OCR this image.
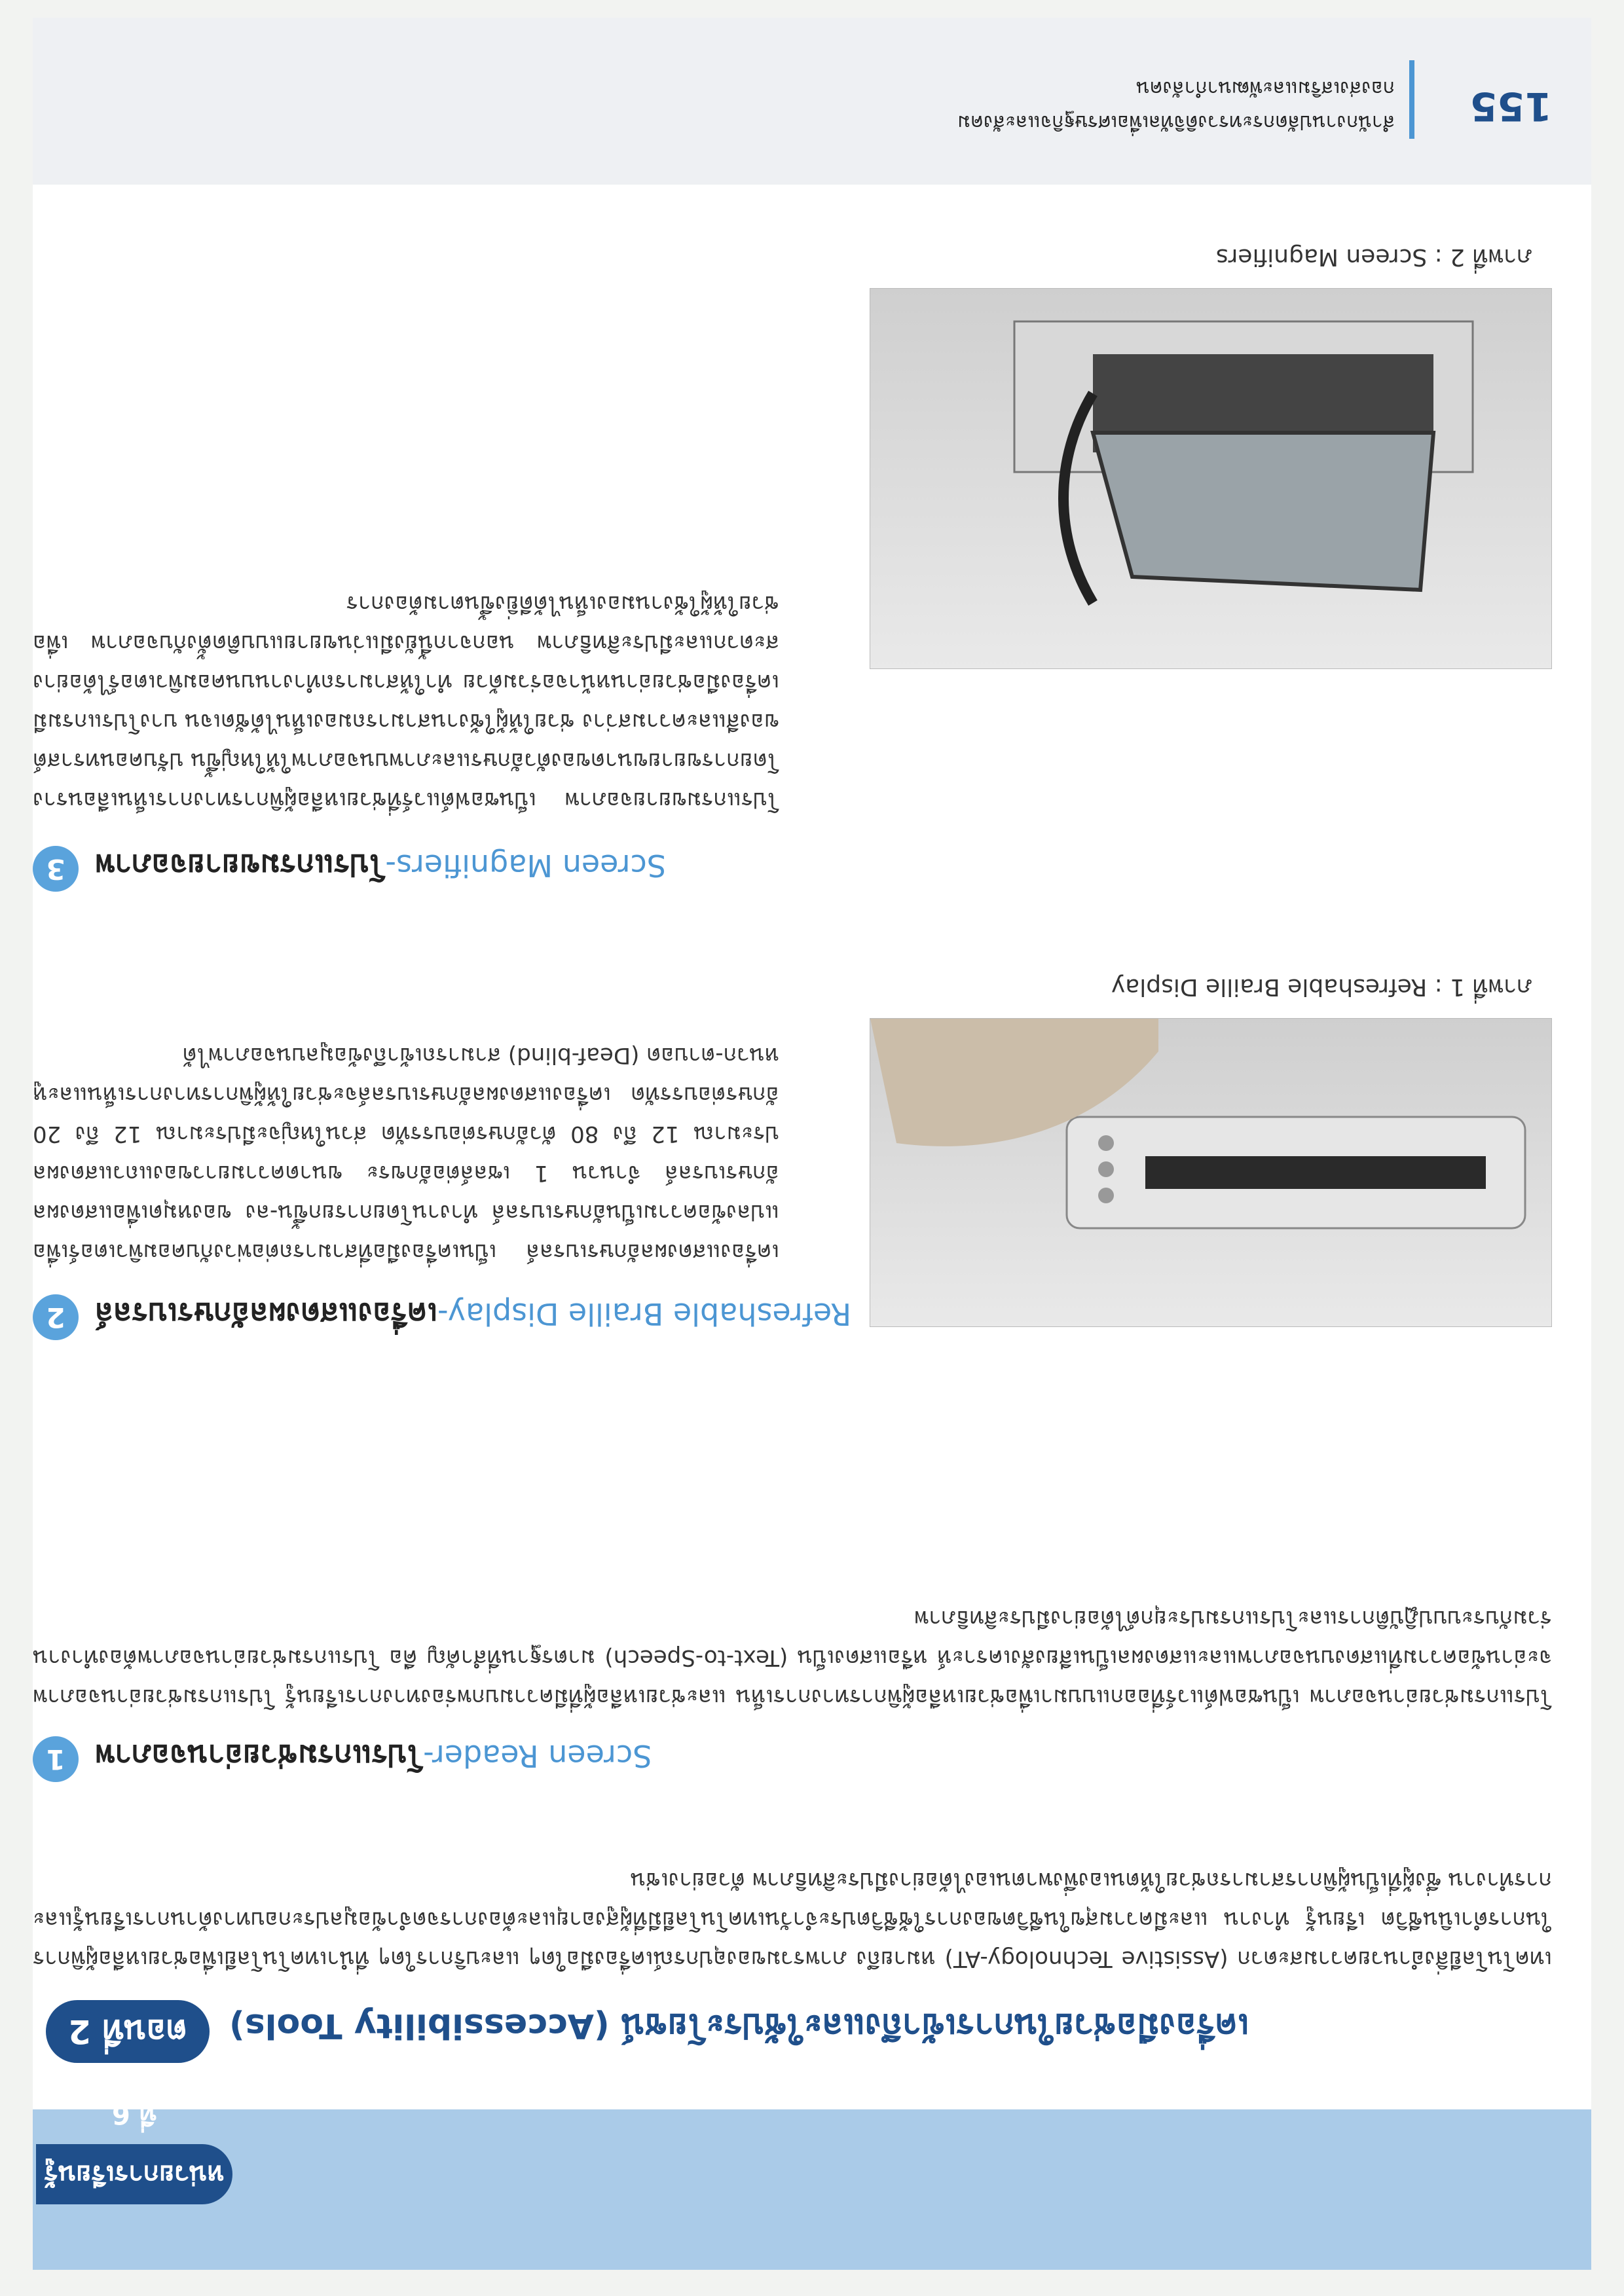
หน่วยการเรียนรู้ที่ 6
ตอนที่ 2	เครื่องมือช่วยในการเข้าถึงและใช้ประโยชน์ (Accessibility Tools)
เทคโนโลยีสิ่งอำนวยความสะดวก (Assistive Technology-AT) หมายถึง ภาพรวมของอุปกรณ์เครื่องมือใดๆ และบริการใดๆ ที่นำเทคโนโลยีเพื่อช่วยเหลือผู้พิการในการดำเนินชีวิต เรียนรู้ ทำงาน และมีความสุขในชีวิตของการใช้ชีวิตประจำวันเทคโนโลยีมีที่ผู้สูงอายุและต้องการจดจำข้อมูลประกอบทางด้านการเรียนรู้และการทำงาน ซึ่งผู้ที่เป็นผู้พิการสามารถช่วยให้ตนเองพึ่งพาตนเองได้อย่างมีประสิทธิภาพ ตัวอย่างเช่น
1	Screen Reader-โปรแกรมช่วยอ่านจอภาพ
โปรแกรมช่วยอ่านจอภาพ เป็นซอฟต์แวร์ที่ออกแบบมาเพื่อช่วยเหลือผู้พิการทางการเห็น และช่วยเหลือผู้ที่มีความบกพร่องทางการเรียนรู้ โปรแกรมช่วยอ่านจอภาพจะอ่านข้อความที่แสดงบนจอภาพและแสดงผลเป็นเสียงสังเคราะห์ หรือแสดงเป็น (Text-to-Speech) มาตรฐานที่สำคัญ คือ โปรแกรมช่วยอ่านจอภาพต้องทำงานร่วมกับระบบปฏิบัติการและโปรแกรมประยุกต์ได้อย่างมีประสิทธิภาพ
2	Refreshable Braille Display-เครื่องแสดงผลอักษรเบรลล์
เครื่องแสดงผลอักษรเบรลล์ เป็นเครื่องมือที่สามารถต่อพ่วงกับคอมพิวเตอร์เพื่อแปลงข้อความเป็นอักษรเบรลล์ ทำงานโดยการยกขึ้น-ลง ของหมุดเพื่อแสดงผลอักษรเบรลล์ จำนวน 1 เซลล์ต่ออักขระ ขนาดความยาวของแถวแสดงผลประมาณ 12 ถึง 80 ตัวอักษรต่อบรรทัด ส่วนใหญ่จะมีประมาณ 12 ถึง 20 อักษรต่อบรรทัด เครื่องแสดงผลอักษรเบรลล์จะช่วยให้ผู้พิการทางการเห็นและหูหนวก-ตาบอด (Deaf-blind) สามารถเข้าถึงข้อมูลบนจอภาพได้
ภาพที่ 1 : Refreshable Braille Display
3	Screen Magnifiers-โปรแกรมขยายจอภาพ
โปรแกรมขยายจอภาพ เป็นซอฟต์แวร์ที่ช่วยเหลือผู้พิการทางการเห็นเลือนราง โดยการขยายขนาดของตัวอักษรและภาพบนจอภาพให้ใหญ่ขึ้น ปรับคอนทราสต์ของสีและความสว่าง ช่วยให้ผู้ใช้งานสามารถมองเห็นได้ชัดเจน บางโปรแกรมมีเครื่องมือช่วยอ่านหน้าจอร่วมด้วย ทำให้สามารถทำงานบนคอมพิวเตอร์ได้อย่างสะดวกและมีประสิทธิภาพ นอกจากนี้ยังมีแว่นขยายแบบติดตั้งกับจอภาพ เพื่อช่วยให้ผู้ใช้งานมองเห็นได้ดียิ่งขึ้นตามต้องการ
ภาพที่ 2 : Screen Magnifiers
155
สำนักงานปลัดกระทรวงดิจิทัลเพื่อเศรษฐกิจและสังคม
กองส่งเสริมและพัฒนากำลังคน
